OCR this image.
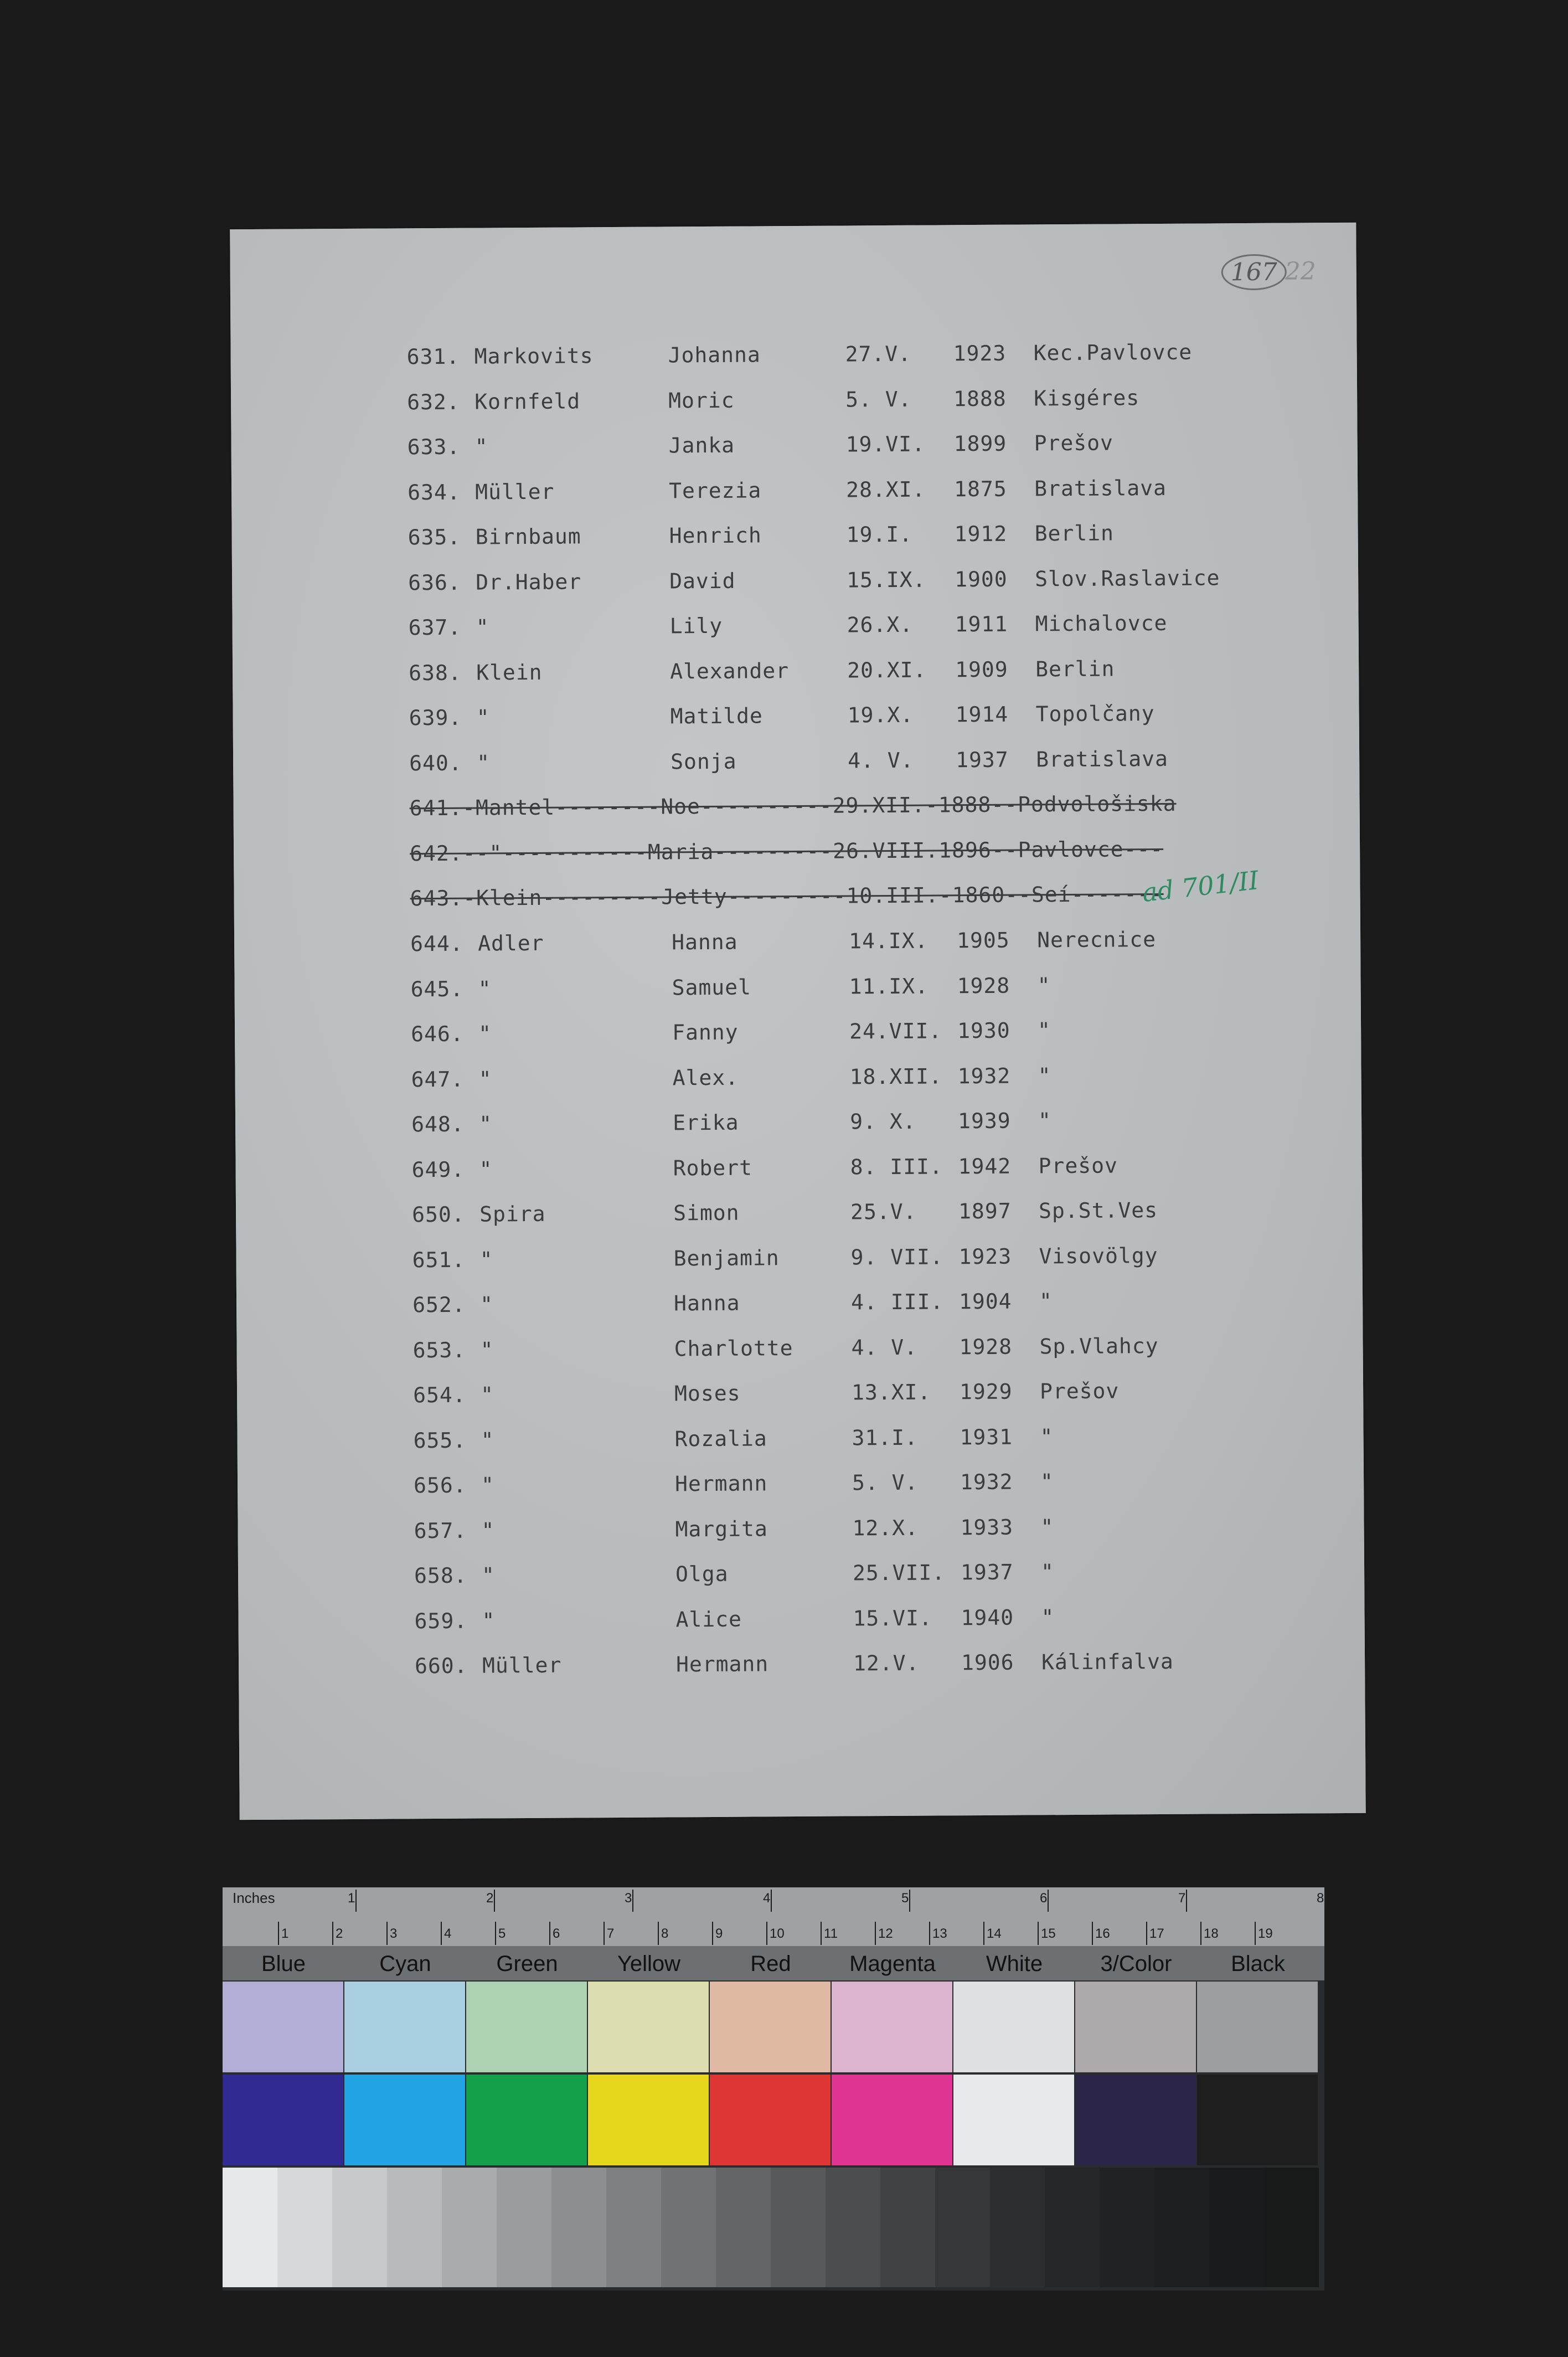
167 22
631. Markovits	Johanna	27.V. 1923 Kec.Pavlovce
632. Kornfeld	Moric	5. V. 1888 Kisgéres
633. "	Janka	19.VI. 1899 Prešov
634. Müller	Terezia	28.XI. 1875 Bratislava
635. Birnbaum	Henrich	19.I. 1912 Berlin
636. Dr.Haber	David	15.IX. 1900 Slov.Raslavice
637. "	Lily	26.X. 1911 Michalovce
638. Klein	Alexander	20.XI. 1909 Berlin
639. "	Matilde	19.X. 1914 Topolčany
640. "	Sonja	4. V. 1937 Bratislava
641.-Mantel--------Noe----------29.XII.-1888--Podvološiska
642.--"-----------Maria---------26.VIII.1896--Pavlovce---
643.-Klein---------Jetty---------10.III.-1860--Seí-------
644. Adler	Hanna	14.IX. 1905 Nerecnice
645. "	Samuel	11.IX. 1928 "
646. "	Fanny	24.VII. 1930 "
647. "	Alex.	18.XII. 1932 "
648. "	Erika	9. X. 1939 "
649. "	Robert	8. III. 1942 Prešov
650. Spira	Simon	25.V. 1897 Sp.St.Ves
651. "	Benjamin	9. VII. 1923 Visovölgy
652. "	Hanna	4. III. 1904 "
653. "	Charlotte	4. V. 1928 Sp.Vlahcy
654. "	Moses	13.XI. 1929 Prešov
655. "	Rozalia	31.I. 1931 "
656. "	Hermann	5. V. 1932 "
657. "	Margita	12.X. 1933 "
658. "	Olga	25.VII. 1937 "
659. "	Alice	15.VI. 1940 "
660. Müller	Hermann	12.V. 1906 Kálinfalva
ad 701/II
Inches	1	2	3	4	5	6	7	8
1	2	3	4	5	6	7	8	9	10	11	12	13	14	15	16	17	18	19
Blue	Cyan	Green	Yellow	Red	Magenta	White	3/Color	Black
